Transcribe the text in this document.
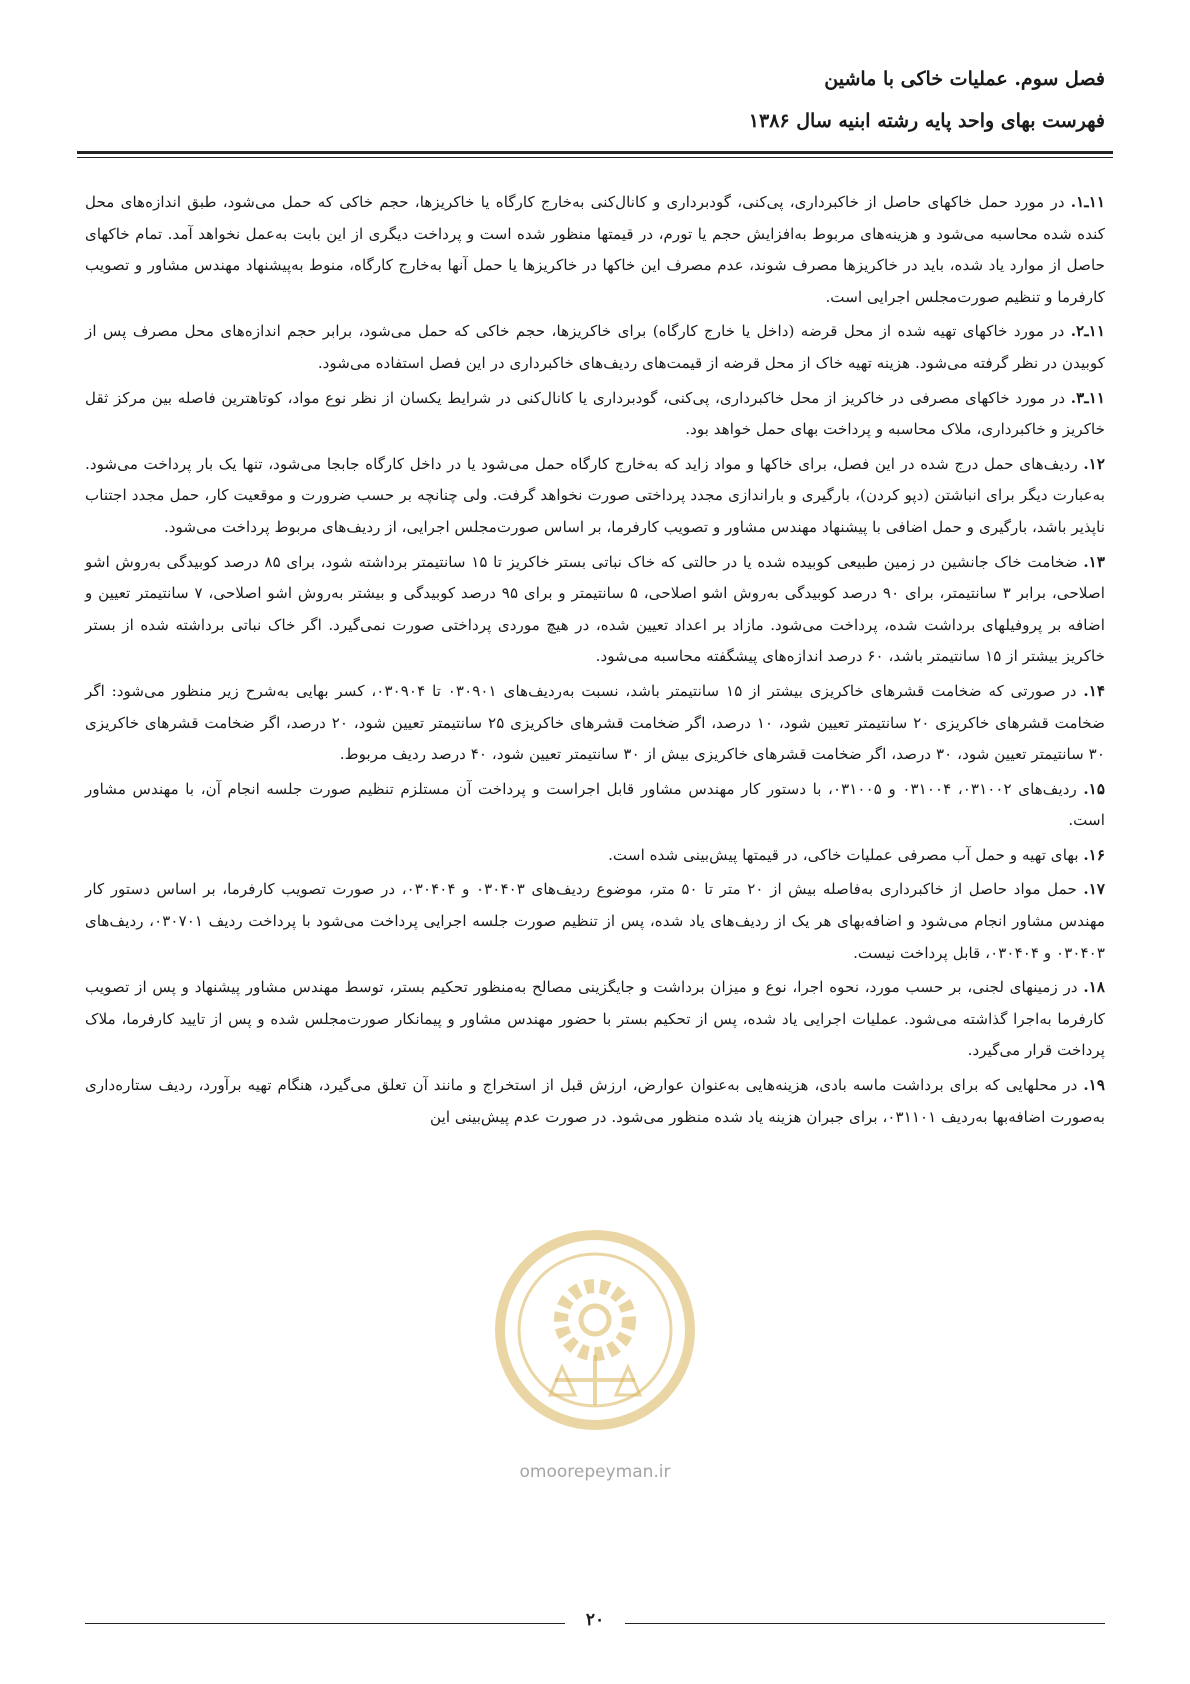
فصل سوم. عملیات خاکی با ماشین
فهرست بهای واحد پایه رشته ابنیه سال ۱۳۸۶

۱۱ـ۱. در مورد حمل خاکهای حاصل از خاکبرداری، پی‌کنی، گودبرداری و کانال‌کنی به‌خارج کارگاه یا خاکریزها، حجم خاکی که حمل می‌شود، طبق اندازه‌های محل کنده شده محاسبه می‌شود و هزینه‌های مربوط به‌افزایش حجم یا تورم، در قیمتها منظور شده است و پرداخت دیگری از این بابت به‌عمل نخواهد آمد. تمام خاکهای حاصل از موارد یاد شده، باید در خاکریزها مصرف شوند، عدم مصرف این خاکها در خاکریزها یا حمل آنها به‌خارج کارگاه، منوط به‌پیشنهاد مهندس مشاور و تصویب کارفرما و تنظیم صورت‌مجلس اجرایی است.

۱۱ـ۲. در مورد خاکهای تهیه شده از محل قرضه (داخل یا خارج کارگاه) برای خاکریزها، حجم خاکی که حمل می‌شود، برابر حجم اندازه‌های محل مصرف پس از کوبیدن در نظر گرفته می‌شود. هزینه تهیه خاک از محل قرضه از قیمت‌های ردیف‌های خاکبرداری در این فصل استفاده می‌شود.

۱۱ـ۳. در مورد خاکهای مصرفی در خاکریز از محل خاکبرداری، پی‌کنی، گودبرداری یا کانال‌کنی در شرایط یکسان از نظر نوع مواد، کوتاهترین فاصله بین مرکز ثقل خاکریز و خاکبرداری، ملاک محاسبه و پرداخت بهای حمل خواهد بود.

۱۲. ردیف‌های حمل درج شده در این فصل، برای خاکها و مواد زاید که به‌خارج کارگاه حمل می‌شود یا در داخل کارگاه جابجا می‌شود، تنها یک بار پرداخت می‌شود. به‌عبارت دیگر برای انباشتن (دپو کردن)، بارگیری و باراندازی مجدد پرداختی صورت نخواهد گرفت. ولی چنانچه بر حسب ضرورت و موقعیت کار، حمل مجدد اجتناب ناپذیر باشد، بارگیری و حمل اضافی با پیشنهاد مهندس مشاور و تصویب کارفرما، بر اساس صورت‌مجلس اجرایی، از ردیف‌های مربوط پرداخت می‌شود.

۱۳. ضخامت خاک جانشین در زمین طبیعی کوبیده شده یا در حالتی که خاک نباتی بستر خاکریز تا ۱۵ سانتیمتر برداشته شود، برای ۸۵ درصد کوبیدگی به‌روش اشو اصلاحی، برابر ۳ سانتیمتر، برای ۹۰ درصد کوبیدگی به‌روش اشو اصلاحی، ۵ سانتیمتر و برای ۹۵ درصد کوبیدگی و بیشتر به‌روش اشو اصلاحی، ۷ سانتیمتر تعیین و اضافه بر پروفیلهای برداشت شده، پرداخت می‌شود. مازاد بر اعداد تعیین شده، در هیچ موردی پرداختی صورت نمی‌گیرد. اگر خاک نباتی برداشته شده از بستر خاکریز بیشتر از ۱۵ سانتیمتر باشد، ۶۰ درصد اندازه‌های پیشگفته محاسبه می‌شود.

۱۴. در صورتی که ضخامت قشرهای خاکریزی بیشتر از ۱۵ سانتیمتر باشد، نسبت به‌ردیف‌های ۰۳۰۹۰۱ تا ۰۳۰۹۰۴، کسر بهایی به‌شرح زیر منظور می‌شود: اگر ضخامت قشرهای خاکریزی ۲۰ سانتیمتر تعیین شود، ۱۰ درصد، اگر ضخامت قشرهای خاکریزی ۲۵ سانتیمتر تعیین شود، ۲۰ درصد، اگر ضخامت قشرهای خاکریزی ۳۰ سانتیمتر تعیین شود، ۳۰ درصد، اگر ضخامت قشرهای خاکریزی بیش از ۳۰ سانتیمتر تعیین شود، ۴۰ درصد ردیف مربوط.

۱۵. ردیف‌های ۰۳۱۰۰۲، ۰۳۱۰۰۴ و ۰۳۱۰۰۵، با دستور کار مهندس مشاور قابل اجراست و پرداخت آن مستلزم تنظیم صورت جلسه انجام آن، با مهندس مشاور است.

۱۶. بهای تهیه و حمل آب مصرفی عملیات خاکی، در قیمتها پیش‌بینی شده است.

۱۷. حمل مواد حاصل از خاکبرداری به‌فاصله بیش از ۲۰ متر تا ۵۰ متر، موضوع ردیف‌های ۰۳۰۴۰۳ و ۰۳۰۴۰۴، در صورت تصویب کارفرما، بر اساس دستور کار مهندس مشاور انجام می‌شود و اضافه‌بهای هر یک از ردیف‌های یاد شده، پس از تنظیم صورت جلسه اجرایی پرداخت می‌شود با پرداخت ردیف ۰۳۰۷۰۱، ردیف‌های ۰۳۰۴۰۳ و ۰۳۰۴۰۴، قابل پرداخت نیست.

۱۸. در زمینهای لجنی، بر حسب مورد، نحوه اجرا، نوع و میزان برداشت و جایگزینی مصالح به‌منظور تحکیم بستر، توسط مهندس مشاور پیشنهاد و پس از تصویب کارفرما به‌اجرا گذاشته می‌شود. عملیات اجرایی یاد شده، پس از تحکیم بستر با حضور مهندس مشاور و پیمانکار صورت‌مجلس شده و پس از تایید کارفرما، ملاک پرداخت قرار می‌گیرد.

۱۹. در محلهایی که برای برداشت ماسه بادی، هزینه‌هایی به‌عنوان عوارض، ارزش قبل از استخراج و مانند آن تعلق می‌گیرد، هنگام تهیه برآورد، ردیف ستاره‌داری به‌صورت اضافه‌بها به‌ردیف ۰۳۱۱۰۱، برای جبران هزینه یاد شده منظور می‌شود. در صورت عدم پیش‌بینی این

omoorepeyman.ir
۲۰
